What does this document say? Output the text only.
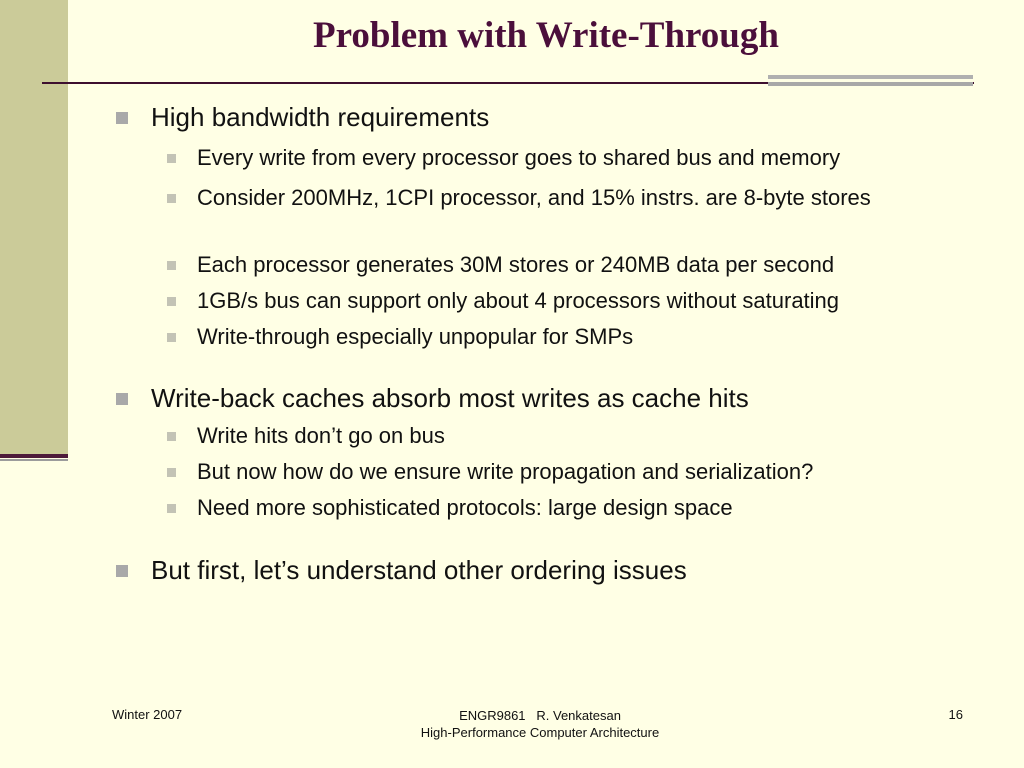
Problem with Write-Through
High bandwidth requirements
Every write from every processor goes to shared bus and memory
Consider 200MHz, 1CPI processor, and 15% instrs. are 8-byte stores
Each processor generates 30M stores or 240MB data per second
1GB/s bus can support only about 4 processors without saturating
Write-through especially unpopular for SMPs
Write-back caches absorb most writes as cache hits
Write hits don’t go on bus
But now how do we ensure write propagation and serialization?
Need more sophisticated protocols: large design space
But first, let’s understand other ordering issues
Winter 2007	ENGR9861   R. Venkatesan
High-Performance Computer Architecture
16
